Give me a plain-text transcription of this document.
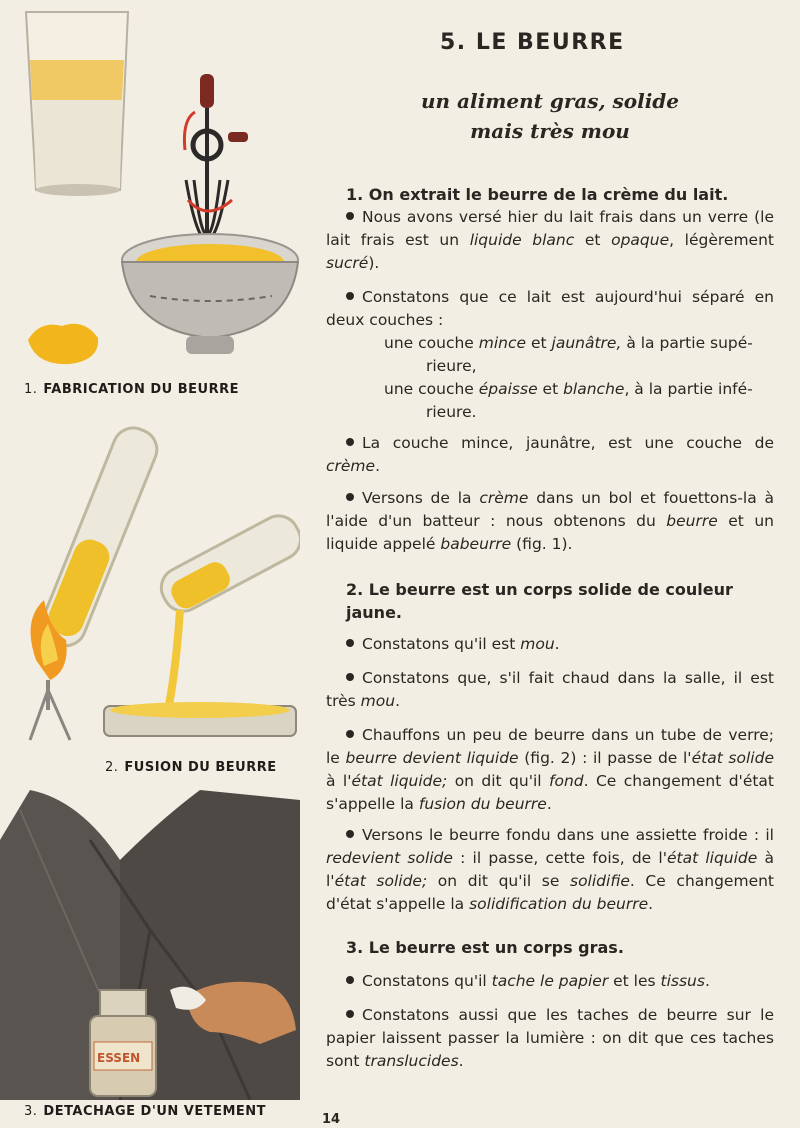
1. FABRICATION DU BEURRE
2. FUSION DU BEURRE
ESSEN
3. DETACHAGE D'UN VETEMENT
5. LE BEURRE
un aliment gras, solide
mais très mou

1. On extrait le beurre de la crème du lait.

Nous avons versé hier du lait frais dans un verre (le lait frais est un liquide blanc et opaque, légèrement sucré).

Constatons que ce lait est aujourd'hui séparé en deux couches :

une couche mince et jaunâtre, à la partie supé-

rieure,

une couche épaisse et blanche, à la partie infé-

rieure.

La couche mince, jaunâtre, est une couche de crème.

Versons de la crème dans un bol et fouettons-la à l'aide d'un batteur : nous obtenons du beurre et un liquide appelé babeurre (fig. 1).

2. Le beurre est un corps solide de couleur jaune.

Constatons qu'il est mou.

Constatons que, s'il fait chaud dans la salle, il est très mou.

Chauffons un peu de beurre dans un tube de verre; le beurre devient liquide (fig. 2) : il passe de l'état solide à l'état liquide; on dit qu'il fond. Ce changement d'état s'appelle la fusion du beurre.

Versons le beurre fondu dans une assiette froide : il redevient solide : il passe, cette fois, de l'état liquide à l'état solide; on dit qu'il se solidifie. Ce changement d'état s'appelle la solidification du beurre.

3. Le beurre est un corps gras.

Constatons qu'il tache le papier et les tissus.

Constatons aussi que les taches de beurre sur le papier laissent passer la lumière : on dit que ces taches sont translucides.

14
